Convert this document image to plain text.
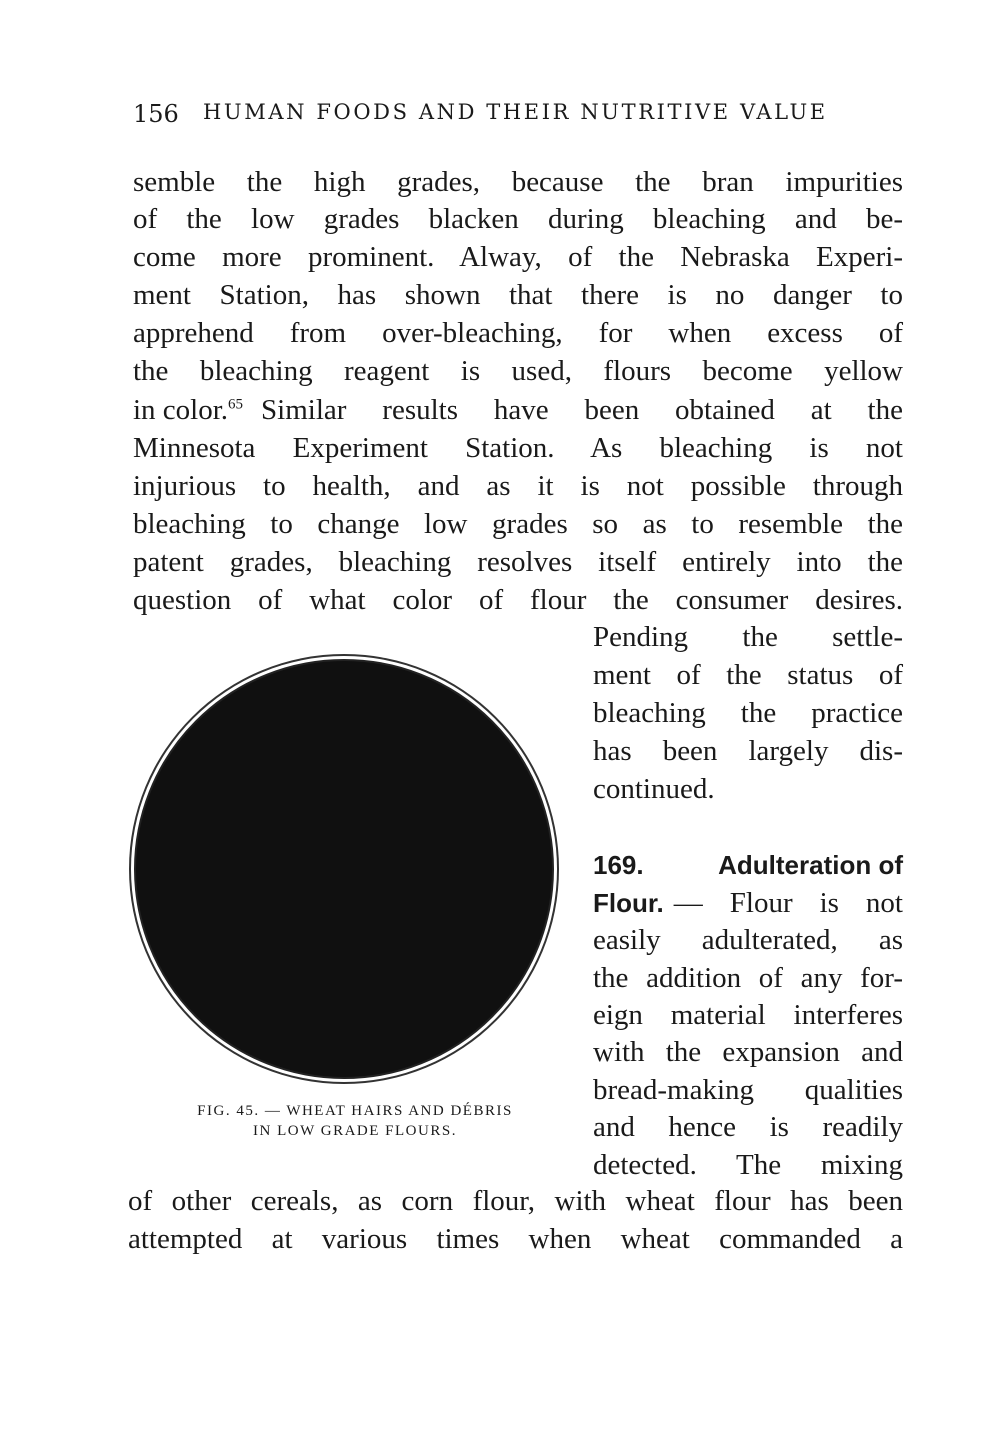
156 HUMAN FOODS AND THEIR NUTRITIVE VALUE
semble the high grades, because the bran impurities
of the low grades blacken during bleaching and be-
come more prominent. Alway, of the Nebraska Experi-
ment Station, has shown that there is no danger to
apprehend from over-bleaching, for when excess of
the bleaching reagent is used, flours become yellow
in color.$^{65}$ Similar results have been obtained at the
Minnesota Experiment Station. As bleaching is not
injurious to health, and as it is not possible through
bleaching to change low grades so as to resemble the
patent grades, bleaching resolves itself entirely into the
question of what color of flour the consumer desires.
FIG. 45. — WHEAT HAIRS AND DÉBRIS
IN LOW GRADE FLOURS.
Pending the settle-
ment of the status of
bleaching the practice
has been largely dis-
continued.
169.	Adulteration of
Flour. — Flour is not
easily adulterated, as
the addition of any for-
eign material interferes
with the expansion and
bread-making qualities
and hence is readily
detected. The mixing
of other cereals, as corn flour, with wheat flour has been
attempted at various times when wheat commanded a
